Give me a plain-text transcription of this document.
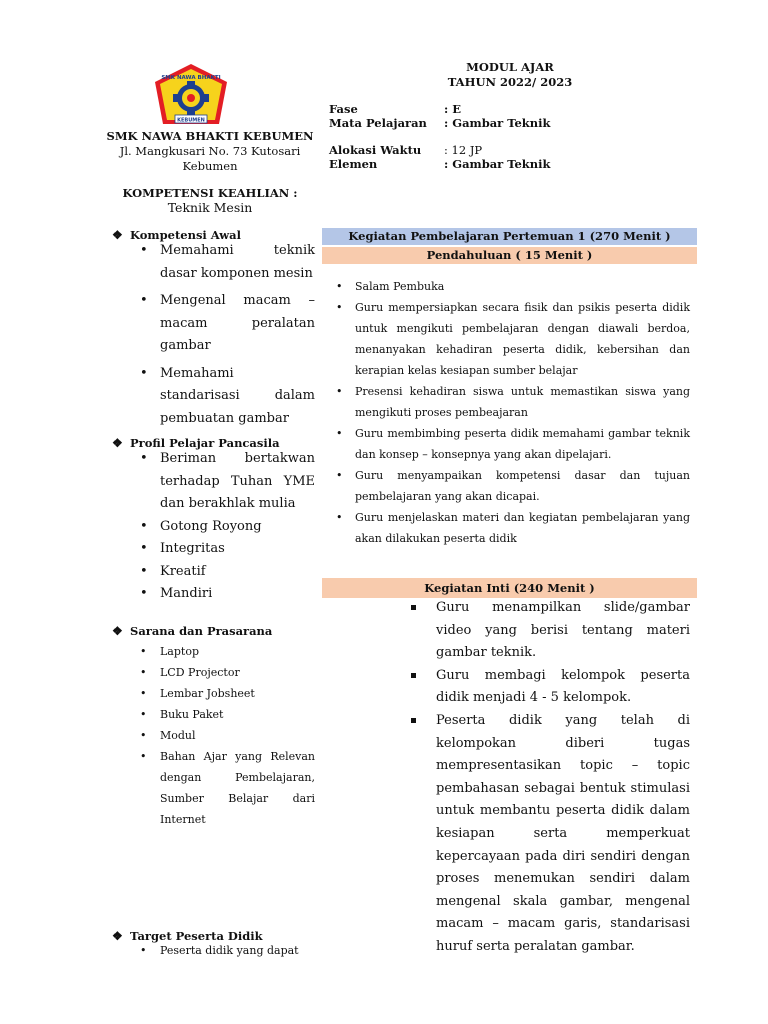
KEBUMEN
SMK NAWA BHAKTI
SMK NAWA BHAKTI KEBUMEN
Jl. Mangkusari No. 73 Kutosari
Kebumen
KOMPETENSI KEAHLIAN :
Teknik Mesin
MODUL AJAR
TAHUN 2022/ 2023
Fase	: E
Mata Pelajaran	: Gambar Teknik
Alokasi Waktu	: 12 JP
Elemen	: Gambar Teknik
❖ Kompetensi Awal
• Memahami teknik dasar komponen mesin
• Mengenal macam – macam peralatan gambar
• Memahami standarisasi dalam pembuatan gambar
❖ Profil Pelajar Pancasila
• Beriman bertakwan terhadap Tuhan YME dan berakhlak mulia
• Gotong Royong
• Integritas
• Kreatif
• Mandiri
❖ Sarana dan Prasarana
• Laptop
• LCD Projector
• Lembar Jobsheet
• Buku Paket
• Modul
• Bahan Ajar yang Relevan dengan Pembelajaran, Sumber Belajar dari Internet
❖ Target Peserta Didik
• Peserta didik yang dapat
Kegiatan Pembelajaran Pertemuan 1 (270 Menit )
Pendahuluan ( 15 Menit )
• Salam Pembuka
• Guru mempersiapkan secara fisik dan psikis peserta didik untuk mengikuti pembelajaran dengan diawali berdoa, menanyakan kehadiran peserta didik, kebersihan dan kerapian kelas kesiapan sumber belajar
• Presensi kehadiran siswa untuk memastikan siswa yang mengikuti proses pembeajaran
• Guru membimbing peserta didik memahami gambar teknik dan konsep – konsepnya yang akan dipelajari.
• Guru menyampaikan kompetensi dasar dan tujuan pembelajaran yang akan dicapai.
• Guru menjelaskan materi dan kegiatan pembelajaran yang akan dilakukan peserta didik
Kegiatan Inti (240 Menit )
Guru menampilkan slide/gambar video yang berisi tentang materi gambar teknik.
Guru membagi kelompok peserta didik menjadi 4 - 5 kelompok.
Peserta didik yang telah di kelompokan diberi tugas mempresentasikan topic – topic pembahasan sebagai bentuk stimulasi untuk membantu peserta didik dalam kesiapan serta memperkuat kepercayaan pada diri sendiri dengan proses menemukan sendiri dalam mengenal skala gambar, mengenal macam – macam garis, standarisasi huruf serta peralatan gambar.
